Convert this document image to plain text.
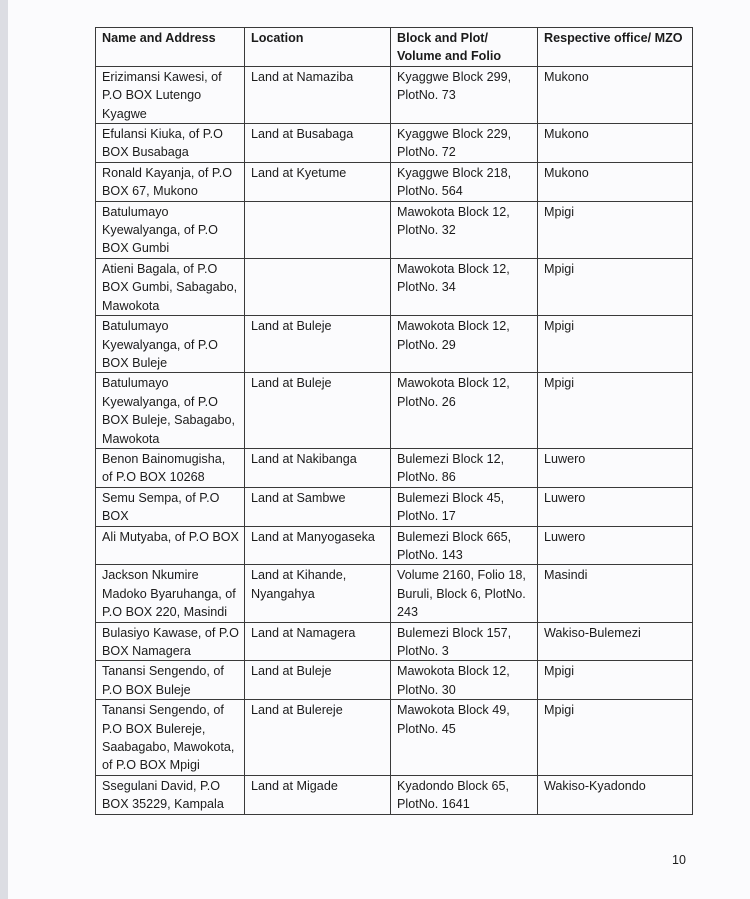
Name and Address	Location	Block and Plot/ Volume and Folio	Respective office/ MZO
Erizimansi Kawesi, of P.O BOX Lutengo Kyagwe	Land at Namaziba	Kyaggwe Block 299, PlotNo. 73	Mukono
Efulansi Kiuka, of P.O BOX Busabaga	Land at Busabaga	Kyaggwe Block 229, PlotNo. 72	Mukono
Ronald Kayanja, of P.O BOX 67, Mukono	Land at Kyetume	Kyaggwe Block 218, PlotNo. 564	Mukono
Batulumayo Kyewalyanga, of P.O BOX Gumbi		Mawokota Block 12, PlotNo. 32	Mpigi
Atieni Bagala, of P.O BOX Gumbi, Sabagabo, Mawokota		Mawokota Block 12, PlotNo. 34	Mpigi
Batulumayo Kyewalyanga, of P.O BOX Buleje	Land at Buleje	Mawokota Block 12, PlotNo. 29	Mpigi
Batulumayo Kyewalyanga, of P.O BOX Buleje, Sabagabo, Mawokota	Land at Buleje	Mawokota Block 12, PlotNo. 26	Mpigi
Benon Bainomugisha, of P.O BOX 10268	Land at Nakibanga	Bulemezi Block 12, PlotNo. 86	Luwero
Semu Sempa, of P.O BOX	Land at Sambwe	Bulemezi Block 45, PlotNo. 17	Luwero
Ali Mutyaba, of P.O BOX	Land at Manyogaseka	Bulemezi Block 665, PlotNo. 143	Luwero
Jackson Nkumire Madoko Byaruhanga, of P.O BOX 220, Masindi	Land at Kihande, Nyangahya	Volume 2160, Folio 18, Buruli, Block 6, PlotNo. 243	Masindi
Bulasiyo Kawase, of P.O BOX Namagera	Land at Namagera	Bulemezi Block 157, PlotNo. 3	Wakiso-Bulemezi
Tanansi Sengendo, of P.O BOX Buleje	Land at Buleje	Mawokota Block 12, PlotNo. 30	Mpigi
Tanansi Sengendo, of P.O BOX Bulereje, Saabagabo, Mawokota, of P.O BOX Mpigi	Land at Bulereje	Mawokota Block 49, PlotNo. 45	Mpigi
Ssegulani David, P.O BOX 35229, Kampala	Land at Migade	Kyadondo Block 65, PlotNo. 1641	Wakiso-Kyadondo
10
